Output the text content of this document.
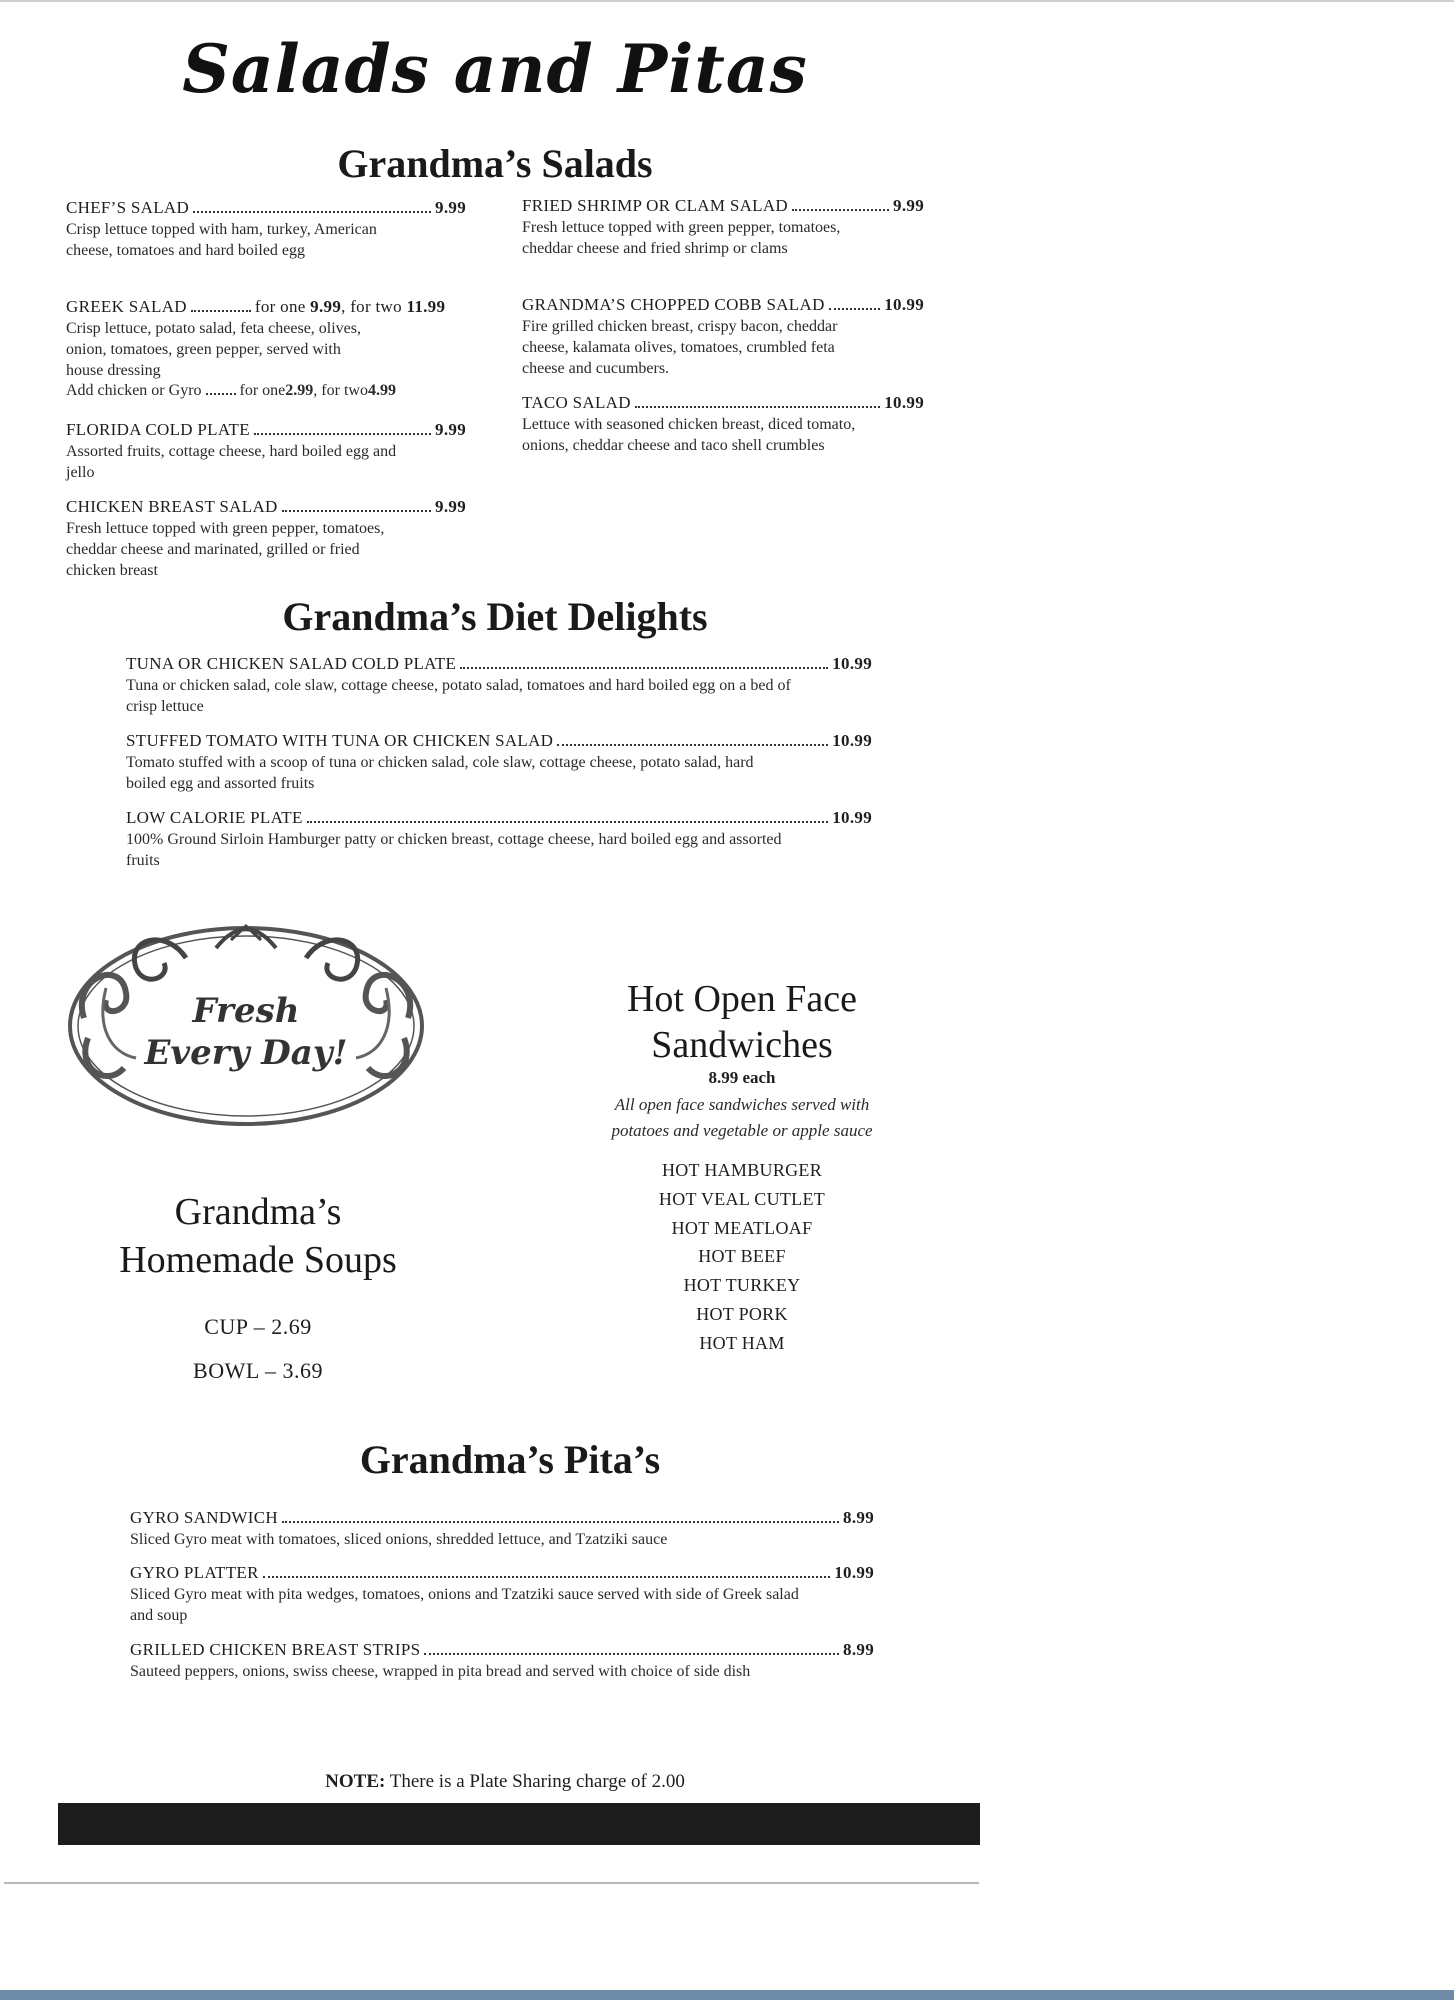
Salads and Pitas
Grandma’s Salads
CHEF’S SALAD	9.99
Crisp lettuce topped with ham, turkey, American cheese, tomatoes and hard boiled egg
GREEK SALAD	for one 9.99, for two 11.99
Crisp lettuce, potato salad, feta cheese, olives, onion, tomatoes, green pepper, served with house dressing
Add chicken or Gyro for one 2.99 , for two 4.99
FLORIDA COLD PLATE	9.99
Assorted fruits, cottage cheese, hard boiled egg and jello
CHICKEN BREAST SALAD	9.99
Fresh lettuce topped with green pepper, tomatoes, cheddar cheese and marinated, grilled or fried chicken breast
FRIED SHRIMP OR CLAM SALAD	9.99
Fresh lettuce topped with green pepper, tomatoes, cheddar cheese and fried shrimp or clams
GRANDMA’S CHOPPED COBB SALAD	10.99
Fire grilled chicken breast, crispy bacon, cheddar cheese, kalamata olives, tomatoes, crumbled feta cheese and cucumbers.
TACO SALAD	10.99
Lettuce with seasoned chicken breast, diced tomato, onions, cheddar cheese and taco shell crumbles
Grandma’s Diet Delights
TUNA OR CHICKEN SALAD COLD PLATE	10.99
Tuna or chicken salad, cole slaw, cottage cheese, potato salad, tomatoes and hard boiled egg on a bed of crisp lettuce
STUFFED TOMATO WITH TUNA OR CHICKEN SALAD	10.99
Tomato stuffed with a scoop of tuna or chicken salad, cole slaw, cottage cheese, potato salad, hard boiled egg and assorted fruits
LOW CALORIE PLATE	10.99
100% Ground Sirloin Hamburger patty or chicken breast, cottage cheese, hard boiled egg and assorted fruits
Fresh
Every Day!
Grandma’s
Homemade Soups
CUP – 2.69
BOWL – 3.69
Hot Open Face
Sandwiches
8.99 each
All open face sandwiches served with
potatoes and vegetable or apple sauce
HOT HAMBURGER
HOT VEAL CUTLET
HOT MEATLOAF
HOT BEEF
HOT TURKEY
HOT PORK
HOT HAM
Grandma’s Pita’s
GYRO SANDWICH	8.99
Sliced Gyro meat with tomatoes, sliced onions, shredded lettuce, and Tzatziki sauce
GYRO PLATTER	10.99
Sliced Gyro meat with pita wedges, tomatoes, onions and Tzatziki sauce served with side of Greek salad and soup
GRILLED CHICKEN BREAST STRIPS	8.99
Sauteed peppers, onions, swiss cheese, wrapped in pita bread and served with choice of side dish
NOTE: There is a Plate Sharing charge of 2.00
